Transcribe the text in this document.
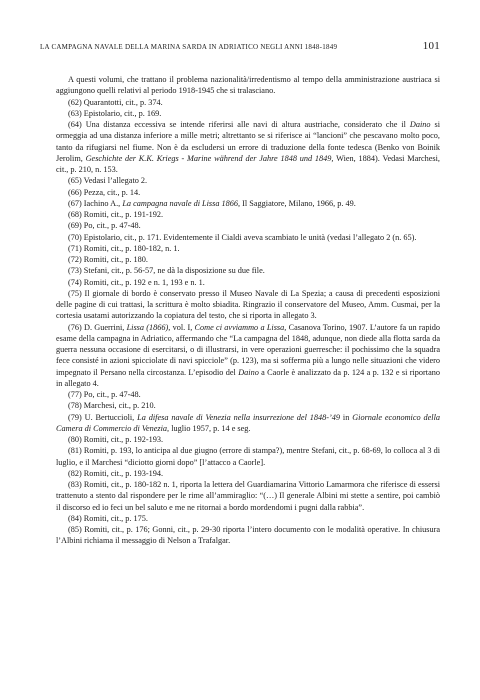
LA CAMPAGNA NAVALE DELLA MARINA SARDA IN ADRIATICO NEGLI ANNI 1848-1849	101

A questi volumi, che trattano il problema nazionalità/irredentismo al tempo della amministrazione austriaca si aggiungono quelli relativi al periodo 1918-1945 che si tralasciano.

(62) Quarantotti, cit., p. 374.

(63) Epistolario, cit., p. 169.

(64) Una distanza eccessiva se intende riferirsi alle navi di altura austriache, considerato che il Daino si ormeggia ad una distanza inferiore a mille metri; altrettanto se si riferisce ai “lancioni” che pescavano molto poco, tanto da rifugiarsi nel fiume. Non è da escludersi un errore di traduzione della fonte tedesca (Benko von Boinik Jerolim, Geschichte der K.K. Kriegs - Marine während der Jahre 1848 und 1849, Wien, 1884). Vedasi Marchesi, cit., p. 210, n. 153.

(65) Vedasi l’allegato 2.

(66) Pezza, cit., p. 14.

(67) Iachino A., La campagna navale di Lissa 1866, Il Saggiatore, Milano, 1966, p. 49.

(68) Romiti, cit., p. 191-192.

(69) Po, cit., p. 47-48.

(70) Epistolario, cit., p. 171. Evidentemente il Cialdi aveva scambiato le unità (vedasi l’allegato 2 (n. 65).

(71) Romiti, cit., p. 180-182, n. 1.

(72) Romiti, cit., p. 180.

(73) Stefani, cit., p. 56-57, ne dà la disposizione su due file.

(74) Romiti, cit., p. 192 e n. 1, 193 e n. 1.

(75) Il giornale di bordo è conservato presso il Museo Navale di La Spezia; a causa di precedenti esposizioni delle pagine di cui trattasi, la scrittura è molto sbiadita. Ringrazio il conservatore del Museo, Amm. Cusmai, per la cortesia usatami autorizzando la copiatura del testo, che si riporta in allegato 3.

(76) D. Guerrini, Lissa (1866), vol. I, Come ci avviammo a Lissa, Casanova Torino, 1907. L’autore fa un rapido esame della campagna in Adriatico, affermando che “La campagna del 1848, adunque, non diede alla flotta sarda da guerra nessuna occasione di esercitarsi, o di illustrarsi, in vere operazioni guerresche: il pochissimo che la squadra fece consisté in azioni spicciolate di navi spicciole” (p. 123), ma si sofferma più a lungo nelle situazioni che videro impegnato il Persano nella circostanza. L’episodio del Daino a Caorle è analizzato da p. 124 a p. 132 e si riportano in allegato 4.

(77) Po, cit., p. 47-48.

(78) Marchesi, cit., p. 210.

(79) U. Bertuccioli, La difesa navale di Venezia nella insurrezione del 1848-’49 in Giornale economico della Camera di Commercio di Venezia, luglio 1957, p. 14 e seg.

(80) Romiti, cit., p. 192-193.

(81) Romiti, p. 193, lo anticipa al due giugno (errore di stampa?), mentre Stefani, cit., p. 68-69, lo colloca al 3 di luglio, e il Marchesi “diciotto giorni dopo” [l’attacco a Caorle].

(82) Romiti, cit., p. 193-194.

(83) Romiti, cit., p. 180-182 n. 1, riporta la lettera del Guardiamarina Vittorio Lamarmora che riferisce di essersi trattenuto a stento dal rispondere per le rime all’ammiraglio: “(…) Il generale Albini mi stette a sentire, poi cambiò il discorso ed io feci un bel saluto e me ne ritornai a bordo mordendomi i pugni dalla rabbia”.

(84) Romiti, cit., p. 175.

(85) Romiti, cit., p. 176; Gonni, cit., p. 29-30 riporta l’intero documento con le modalità operative. In chiusura l’Albini richiama il messaggio di Nelson a Trafalgar.
